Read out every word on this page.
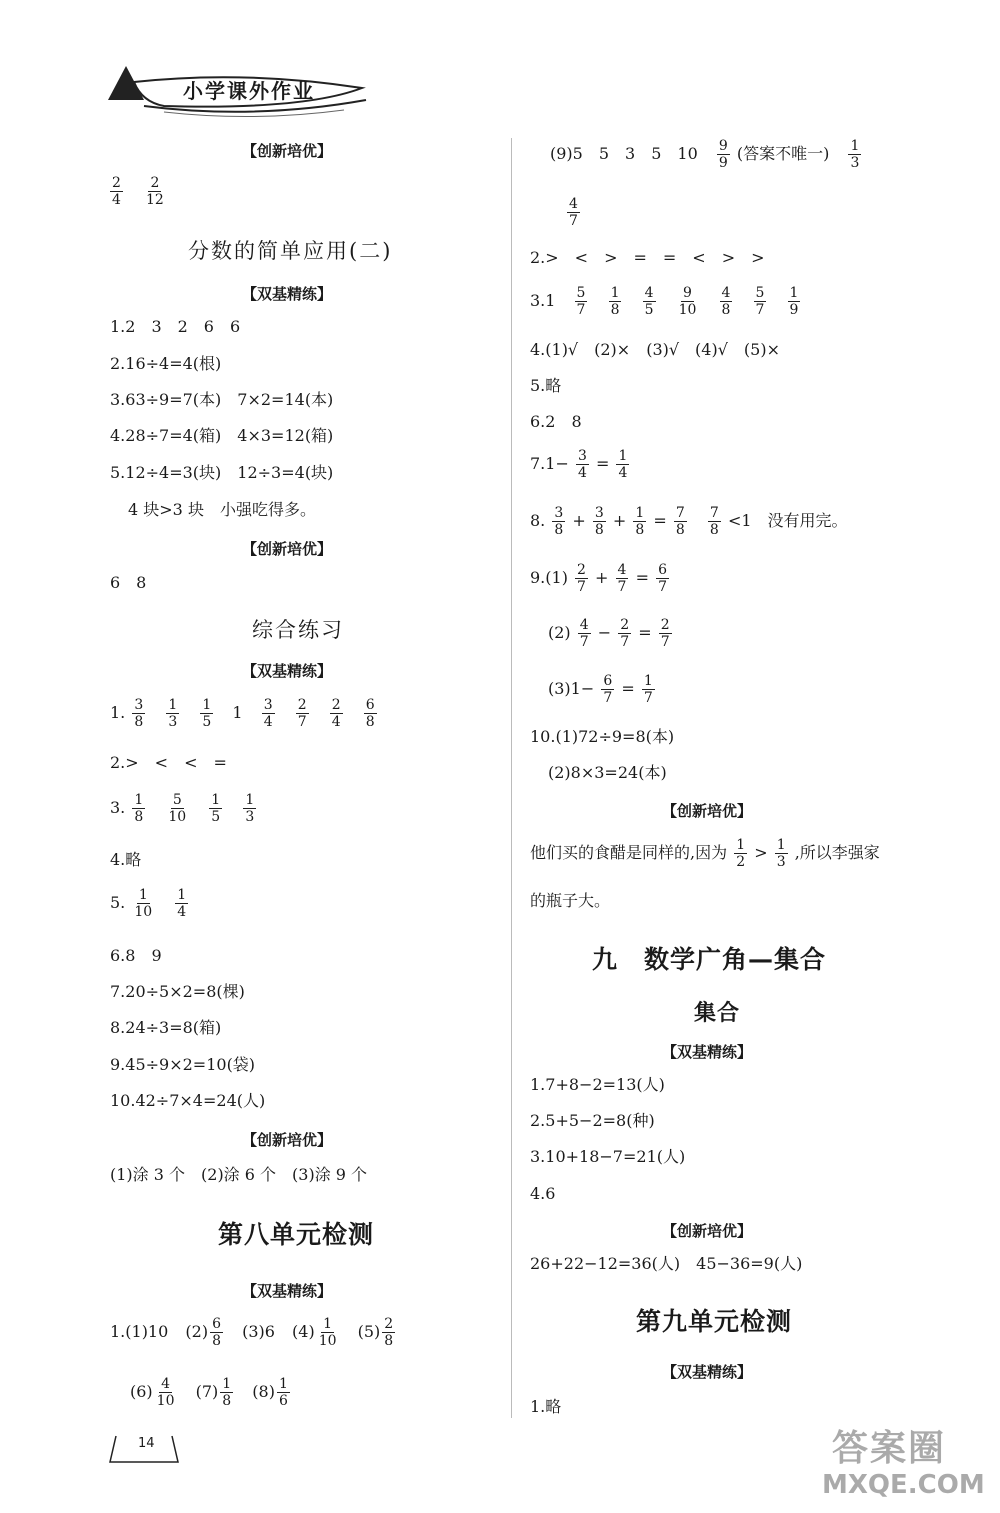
小学课外作业
【创新培优】
$\frac{2}{4}$
$\frac{2}{12}$
分数的简单应用(二)
【双基精练】
1.2　3　2　6　6
2.16÷4=4(根)
3.63÷9=7(本)　7×2=14(本)
4.28÷7=4(箱)　4×3=12(箱)
5.12÷4=3(块)　12÷3=4(块)
4 块>3 块　小强吃得多。
【创新培优】
6　8
综合练习
【双基精练】
1. $\frac{3}{8}$
$\frac{1}{3}$
$\frac{1}{5} 1 \frac{3}{4}$
$\frac{2}{7}$
$\frac{2}{4}$
$\frac{6}{8}$
2.>　<　<　=
3. $\frac{1}{8}$
$\frac{5}{10}$
$\frac{1}{5}$
$\frac{1}{3}$
4.略
5. $\frac{1}{10}$
$\frac{1}{4}$
6.8　9
7.20÷5×2=8(棵)
8.24÷3=8(箱)
9.45÷9×2=10(袋)
10.42÷7×4=24(人)
【创新培优】
(1)涂 3 个　(2)涂 6 个　(3)涂 9 个
第八单元检测
【双基精练】
1.(1)10 $(2) \frac{6}{8} (3)6$ $(4) \frac{1}{10} (5) \frac{2}{8}$
$(6) \frac{4}{10} (7) \frac{1}{8} (8) \frac{1}{6}$
14
(9)5　5　3　5　$10 \frac{9}{9}$ (答案不唯一) $\frac{1}{3}$
$\frac{4}{7}$
2.>　<　>　=　=　<　>　>
$3.1 \frac{5}{7}$
$\frac{1}{8}$
$\frac{4}{5}$
$\frac{9}{10}$
$\frac{4}{8}$
$\frac{5}{7}$
$\frac{1}{9}$
4.(1)√　(2)×　(3)√　(4)√　(5)×
5.略
6.2　8
$7.1- \frac{3}{4} = \frac{1}{4}$
8. $\frac{3}{8} + \frac{3}{8} + \frac{1}{8} = \frac{7}{8}$
$\frac{7}{8} <1$　没有用完。
$9.(1) \frac{2}{7} + \frac{4}{7} = \frac{6}{7}$
$(2) \frac{4}{7} - \frac{2}{7} = \frac{2}{7}$
$(3)1- \frac{6}{7} = \frac{1}{7}$
10.(1)72÷9=8(本)
(2)8×3=24(本)
【创新培优】
他们买的食醋是同样的,因为 $\frac{1}{2} > \frac{1}{3}$ ,所以李强家
的瓶子大。
九　数学广角—集合
集合
【双基精练】
1.7+8−2=13(人)
2.5+5−2=8(种)
3.10+18−7=21(人)
4.6
【创新培优】
26+22−12=36(人)　45−36=9(人)
第九单元检测
【双基精练】
1.略
答案圈
MXQE.COM
